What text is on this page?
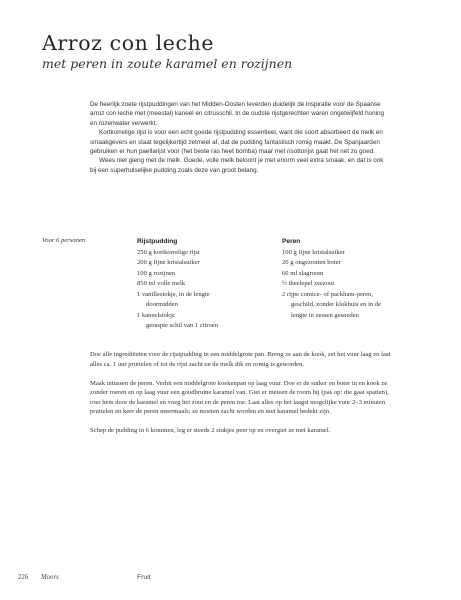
Arroz con leche
met peren in zoute karamel en rozijnen

De heerlijk zoete rijstpuddingen van het Midden-Oosten leverden duidelijk de inspiratie voor de Spaanse arroz con leche met (meestal) kaneel en citrusschil. In de oudste rijstgerechten waren ongetwijfeld honing en rozenwater verwerkt.

Kortkorrelige rijst is voor een echt goede rijstpudding essentieel, want die soort absorbeert de melk en smaakgevers en staat tegelijkertijd zetmeel af, dat de pudding fantastisch romig maakt. De Spanjaarden gebruiken er hun paellarijst voor (het beste ras heet bomba) maar met risottorijst gaat het net zo goed.

Wees niet gierig met de melk. Goede, volle melk beloont je met enorm veel extra smaak, en dat is ook bij een superhulselijke pudding zoals deze van groot belang.

Voor 6 personen	Rijstpudding
250 g kortkorrelige rijst
200 g fijne kristalsuiker
100 g rozijnen
850 ml volle melk
1 vanillestokje, in de lengte
doormidden
1 kaneelstokje
geraspte schil van 1 citroen
Peren
100 g fijne kristalsuiker
20 g ongezouten boter
60 ml slagroom
½ theelepel zeezout
2 rijpe comice- of packham-peren,
geschild, zonder klokhuis en in de
lengte in zessen gesneden

Doe alle ingrediënten voor de rijstpudding in een middelgrote pan. Breng ze aan de kook, zet het vuur laag en laat alles ca. 1 uur pruttelen of tot de rijst zacht en de melk dik en romig is geworden.

Maak intussen de peren. Verhit een middelgrote koekenpan op laag vuur. Doe er de suiker en boter in en kook ze zonder roeren en op laag vuur een goudbruine karamel van. Giet er meteen de room bij (pas op: die gaat spatten), roer hem door de karamel en voeg het zout en de peren toe. Laat alles op het laagst mogelijke vuur 2–3 minuten pruttelen en keer de peren meermaals; ze moeten zacht worden en met karamel bedekt zijn.

Schep de pudding in 6 kommen, leg er steeds 2 stukjes peer op en overgiet ze met karamel.

226 Moors	Fruit
